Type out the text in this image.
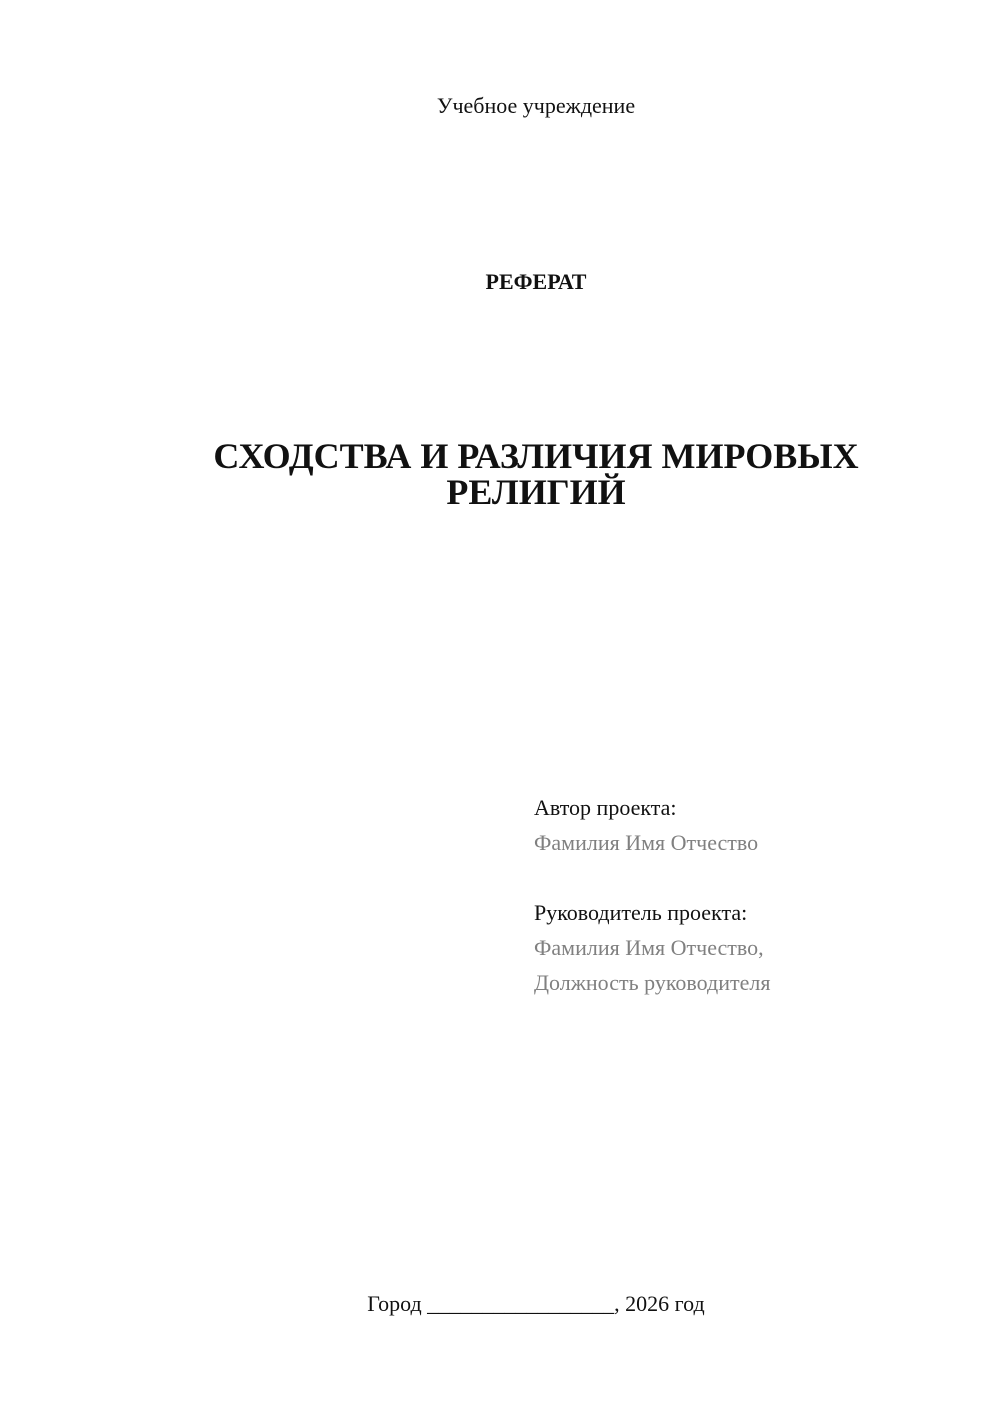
Учебное учреждение
РЕФЕРАТ
СХОДСТВА И РАЗЛИЧИЯ МИРОВЫХ
РЕЛИГИЙ
Автор проекта:
Фамилия Имя Отчество
Руководитель проекта:
Фамилия Имя Отчество,
Должность руководителя
Город _________________, 2026 год
